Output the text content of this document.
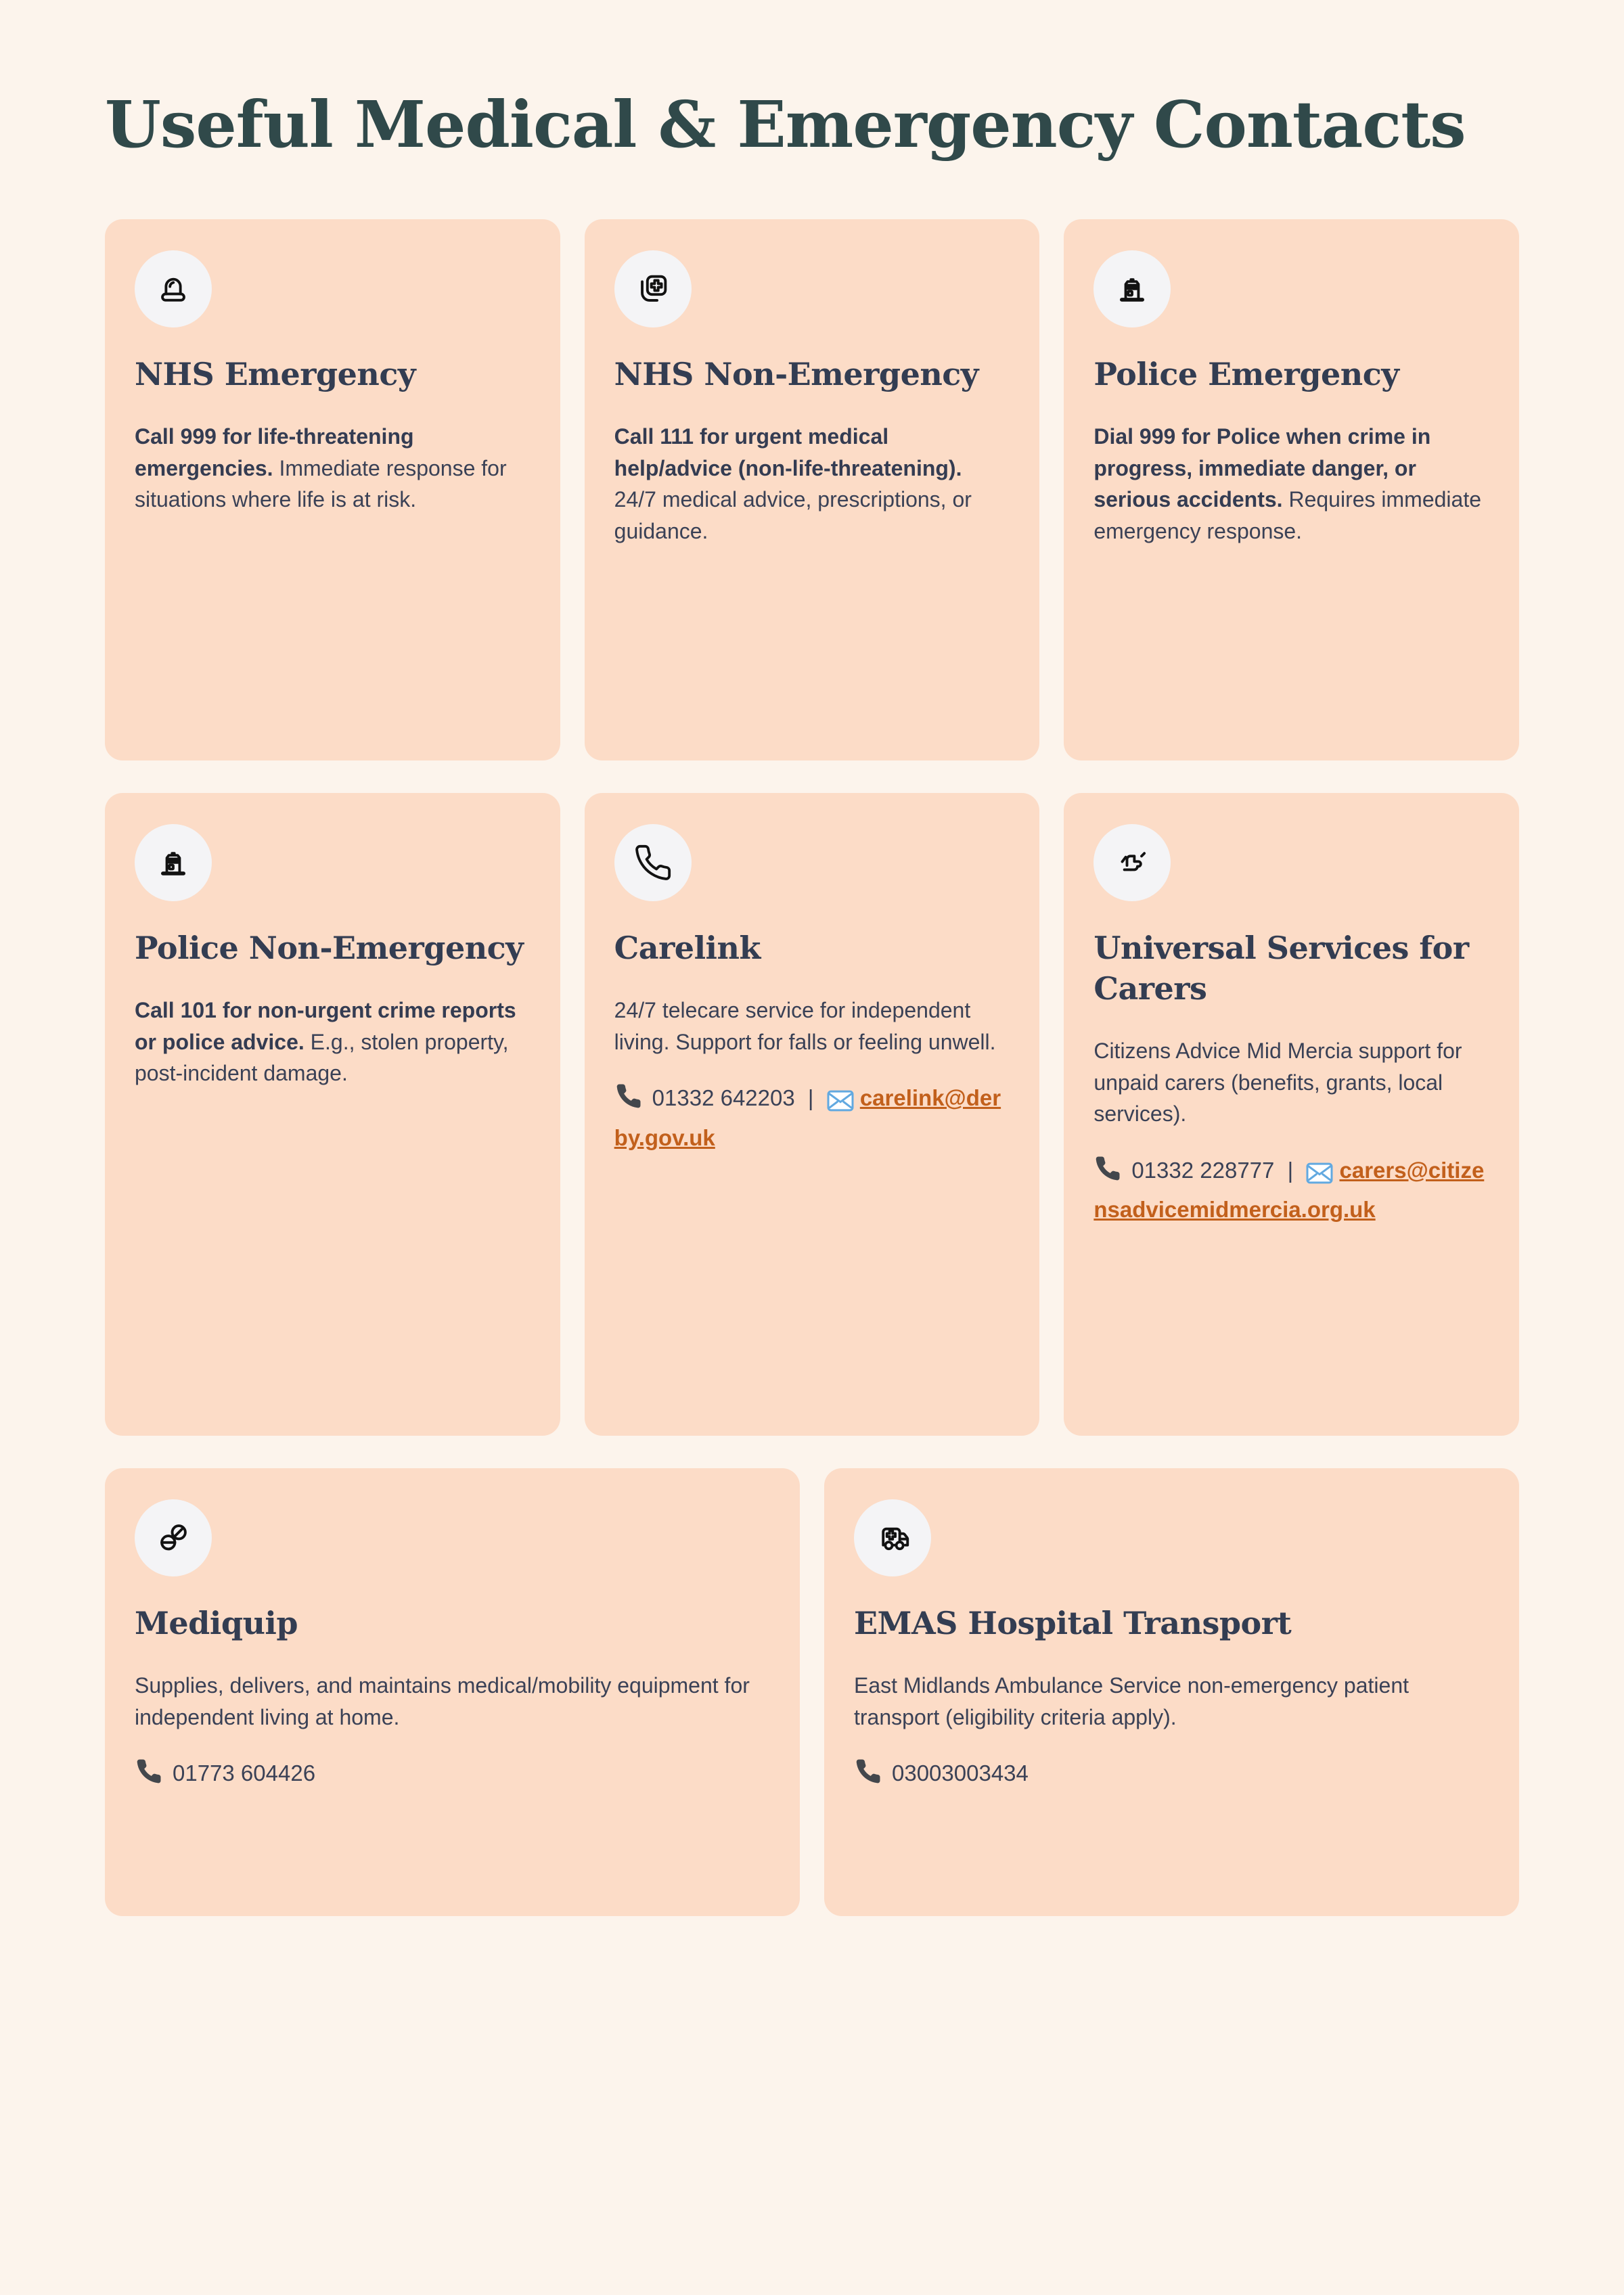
Useful Medical & Emergency Contacts
NHS Emergency

Call 999 for life-threatening emergencies. Immediate response for situations where life is at risk.

NHS Non-Emergency

Call 111 for urgent medical help/advice (non-life-threatening). 24/7 medical advice, prescriptions, or guidance.

Police Emergency

Dial 999 for Police when crime in progress, immediate danger, or serious accidents. Requires immediate emergency response.

Police Non-Emergency

Call 101 for non-urgent crime reports or police advice. E.g., stolen property, post-incident damage.

Carelink

24/7 telecare service for independent living. Support for falls or feeling unwell.

01332 642203 | carelink@derby.gov.uk

Universal Services for Carers

Citizens Advice Mid Mercia support for unpaid carers (benefits, grants, local services).

01332 228777 | carers@citizensadvicemidmercia.org.uk

Mediquip

Supplies, delivers, and maintains medical/mobility equipment for independent living at home.

01773 604426

EMAS Hospital Transport

East Midlands Ambulance Service non-emergency patient transport (eligibility criteria apply).

03003003434
